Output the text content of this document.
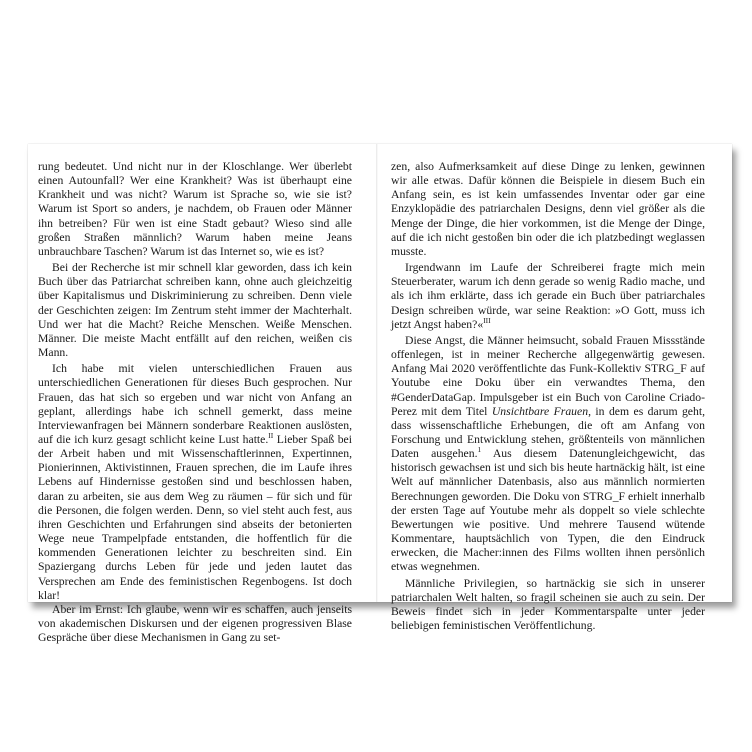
rung bedeutet. Und nicht nur in der Kloschlange. Wer überlebt einen Autounfall? Wer eine Krankheit? Was ist überhaupt eine Krankheit und was nicht? Warum ist Sprache so, wie sie ist? Warum ist Sport so anders, je nachdem, ob Frauen oder Männer ihn betreiben? Für wen ist eine Stadt gebaut? Wieso sind alle großen Straßen männlich? Warum haben meine Jeans unbrauchbare Taschen? Warum ist das Internet so, wie es ist?

Bei der Recherche ist mir schnell klar geworden, dass ich kein Buch über das Patriarchat schreiben kann, ohne auch gleichzeitig über Kapitalismus und Diskriminierung zu schreiben. Denn viele der Geschichten zeigen: Im Zentrum steht immer der Machterhalt. Und wer hat die Macht? Reiche Menschen. Weiße Menschen. Männer. Die meiste Macht entfällt auf den reichen, weißen cis Mann.

Ich habe mit vielen unterschiedlichen Frauen aus unterschiedlichen Generationen für dieses Buch gesprochen. Nur Frauen, das hat sich so ergeben und war nicht von Anfang an geplant, allerdings habe ich schnell gemerkt, dass meine Interviewanfragen bei Männern sonderbare Reaktionen auslösten, auf die ich kurz gesagt schlicht keine Lust hatte.$^{II}$ Lieber Spaß bei der Arbeit haben und mit Wissenschaftlerinnen, Expertinnen, Pionierinnen, Aktivistinnen, Frauen sprechen, die im Laufe ihres Lebens auf Hindernisse gestoßen sind und beschlossen haben, daran zu arbeiten, sie aus dem Weg zu räumen – für sich und für die Personen, die folgen werden. Denn, so viel steht auch fest, aus ihren Geschichten und Erfahrungen sind abseits der betonierten Wege neue Trampelpfade entstanden, die hoffentlich für die kommenden Generationen leichter zu beschreiten sind. Ein Spaziergang durchs Leben für jede und jeden lautet das Versprechen am Ende des feministischen Regenbogens. Ist doch klar!

Aber im Ernst: Ich glaube, wenn wir es schaffen, auch jenseits von akademischen Diskursen und der eigenen progressiven Blase Gespräche über diese Mechanismen in Gang zu set-

zen, also Aufmerksamkeit auf diese Dinge zu lenken, gewinnen wir alle etwas. Dafür können die Beispiele in diesem Buch ein Anfang sein, es ist kein umfassendes Inventar oder gar eine Enzyklopädie des patriarchalen Designs, denn viel größer als die Menge der Dinge, die hier vorkommen, ist die Menge der Dinge, auf die ich nicht gestoßen bin oder die ich platzbedingt weglassen musste.

Irgendwann im Laufe der Schreiberei fragte mich mein Steuerberater, warum ich denn gerade so wenig Radio mache, und als ich ihm erklärte, dass ich gerade ein Buch über patriarchales Design schreiben würde, war seine Reaktion: »O Gott, muss ich jetzt Angst haben?«$^{III}$

Diese Angst, die Männer heimsucht, sobald Frauen Missstände offenlegen, ist in meiner Recherche allgegenwärtig gewesen. Anfang Mai 2020 veröffentlichte das Funk-Kollektiv STRG_F auf Youtube eine Doku über ein verwandtes Thema, den #GenderDataGap. Impulsgeber ist ein Buch von Caroline Criado-Perez mit dem Titel Unsichtbare Frauen, in dem es darum geht, dass wissenschaftliche Erhebungen, die oft am Anfang von Forschung und Entwicklung stehen, größtenteils von männlichen Daten ausgehen.$^1$ Aus diesem Datenungleichgewicht, das historisch gewachsen ist und sich bis heute hartnäckig hält, ist eine Welt auf männlicher Datenbasis, also aus männlich normierten Berechnungen geworden. Die Doku von STRG_F erhielt innerhalb der ersten Tage auf Youtube mehr als doppelt so viele schlechte Bewertungen wie positive. Und mehrere Tausend wütende Kommentare, hauptsächlich von Typen, die den Eindruck erwecken, die Macher:innen des Films wollten ihnen persönlich etwas wegnehmen.

Männliche Privilegien, so hartnäckig sie sich in unserer patriarchalen Welt halten, so fragil scheinen sie auch zu sein. Der Beweis findet sich in jeder Kommentarspalte unter jeder beliebigen feministischen Veröffentlichung.
